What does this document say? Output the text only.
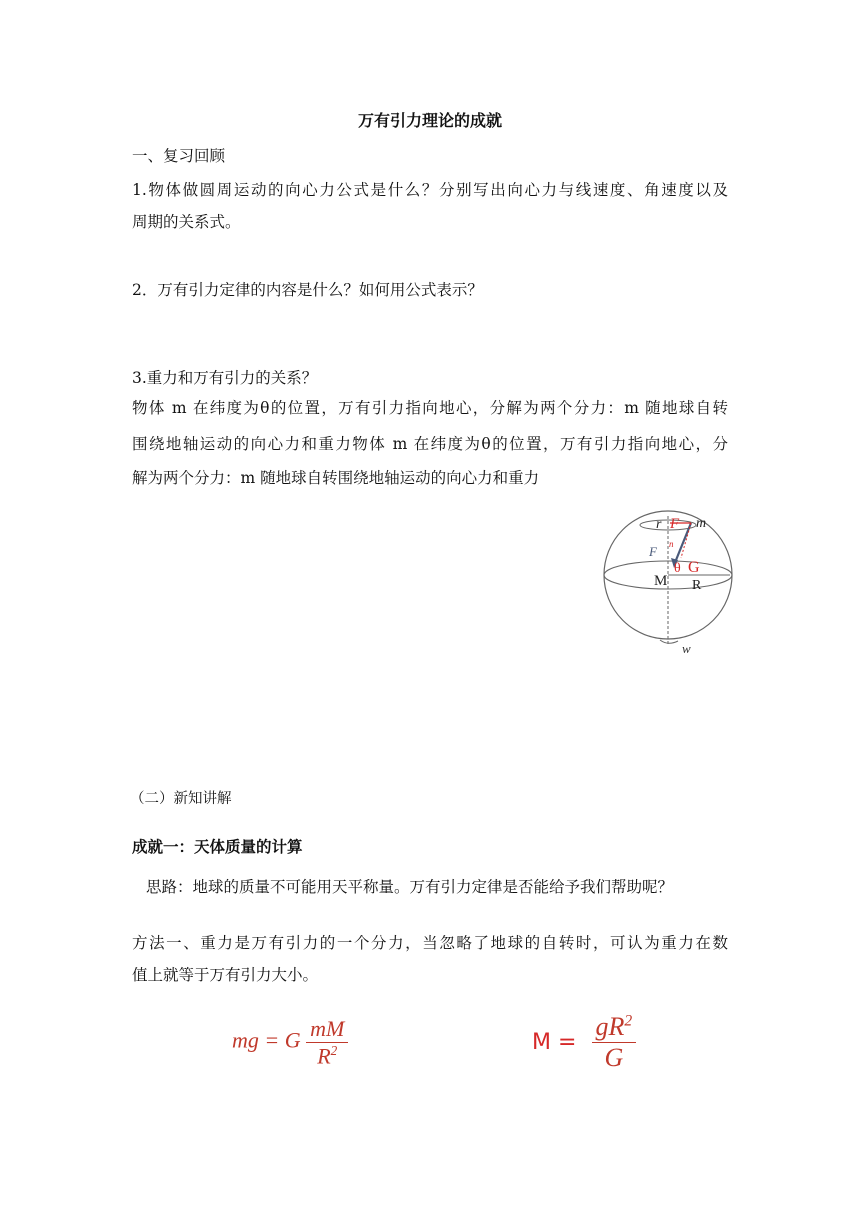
万有引力理论的成就
一、复习回顾
1.物体做圆周运动的向心力公式是什么？分别写出向心力与线速度、角速度以及
周期的关系式。
2．万有引力定律的内容是什么？如何用公式表示？
3.重力和万有引力的关系？
物体 m 在纬度为θ的位置，万有引力指向地心，分解为两个分力：m 随地球自转
围绕地轴运动的向心力和重力物体 m 在纬度为θ的位置，万有引力指向地心，分
解为两个分力：m 随地球自转围绕地轴运动的向心力和重力
r F m
F n
θ G
M R
w
（二）新知讲解
成就一：天体质量的计算
思路：地球的质量不可能用天平称量。万有引力定律是否能给予我们帮助呢？
方法一、重力是万有引力的一个分力，当忽略了地球的自转时，可认为重力在数
值上就等于万有引力大小。
mg = G $\frac{mM}{R^2}$	$M = \frac{gR^2}{G}$
